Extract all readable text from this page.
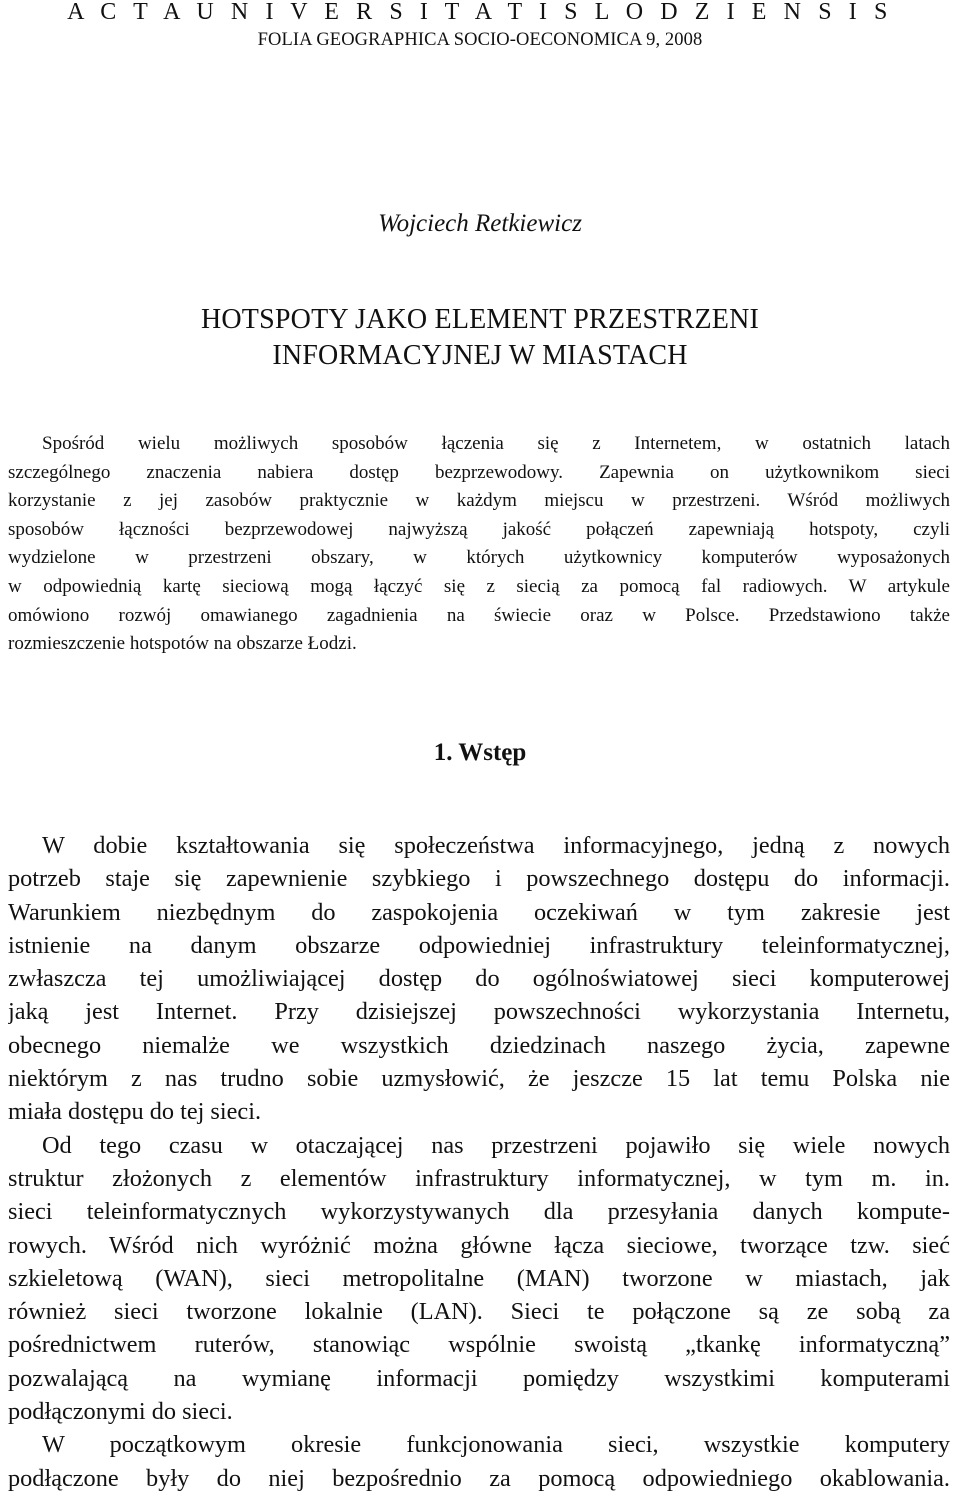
A C T A U N I V E R S I T A T I S L O D Z I E N S I S
FOLIA GEOGRAPHICA SOCIO-OECONOMICA 9, 2008
Wojciech Retkiewicz
HOTSPOTY JAKO ELEMENT PRZESTRZENI
INFORMACYJNEJ W MIASTACH
Spośród wielu możliwych sposobów łączenia się z Internetem, w ostatnich latach
szczególnego znaczenia nabiera dostęp bezprzewodowy. Zapewnia on użytkownikom sieci
korzystanie z jej zasobów praktycznie w każdym miejscu w przestrzeni. Wśród możliwych
sposobów łączności bezprzewodowej najwyższą jakość połączeń zapewniają hotspoty, czyli
wydzielone w przestrzeni obszary, w których użytkownicy komputerów wyposażonych
w odpowiednią kartę sieciową mogą łączyć się z siecią za pomocą fal radiowych. W artykule
omówiono rozwój omawianego zagadnienia na świecie oraz w Polsce. Przedstawiono także
rozmieszczenie hotspotów na obszarze Łodzi.
1. Wstęp
W dobie kształtowania się społeczeństwa informacyjnego, jedną z nowych
potrzeb staje się zapewnienie szybkiego i powszechnego dostępu do informacji.
Warunkiem niezbędnym do zaspokojenia oczekiwań w tym zakresie jest
istnienie na danym obszarze odpowiedniej infrastruktury teleinformatycznej,
zwłaszcza tej umożliwiającej dostęp do ogólnoświatowej sieci komputerowej
jaką jest Internet. Przy dzisiejszej powszechności wykorzystania Internetu,
obecnego niemalże we wszystkich dziedzinach naszego życia, zapewne
niektórym z nas trudno sobie uzmysłowić, że jeszcze 15 lat temu Polska nie
miała dostępu do tej sieci.
Od tego czasu w otaczającej nas przestrzeni pojawiło się wiele nowych
struktur złożonych z elementów infrastruktury informatycznej, w tym m. in.
sieci teleinformatycznych wykorzystywanych dla przesyłania danych kompute-
rowych. Wśród nich wyróżnić można główne łącza sieciowe, tworzące tzw. sieć
szkieletową (WAN), sieci metropolitalne (MAN) tworzone w miastach, jak
również sieci tworzone lokalnie (LAN). Sieci te połączone są ze sobą za
pośrednictwem ruterów, stanowiąc wspólnie swoistą „tkankę informatyczną”
pozwalającą na wymianę informacji pomiędzy wszystkimi komputerami
podłączonymi do sieci.
W początkowym okresie funkcjonowania sieci, wszystkie komputery
podłączone były do niej bezpośrednio za pomocą odpowiedniego okablowania.
